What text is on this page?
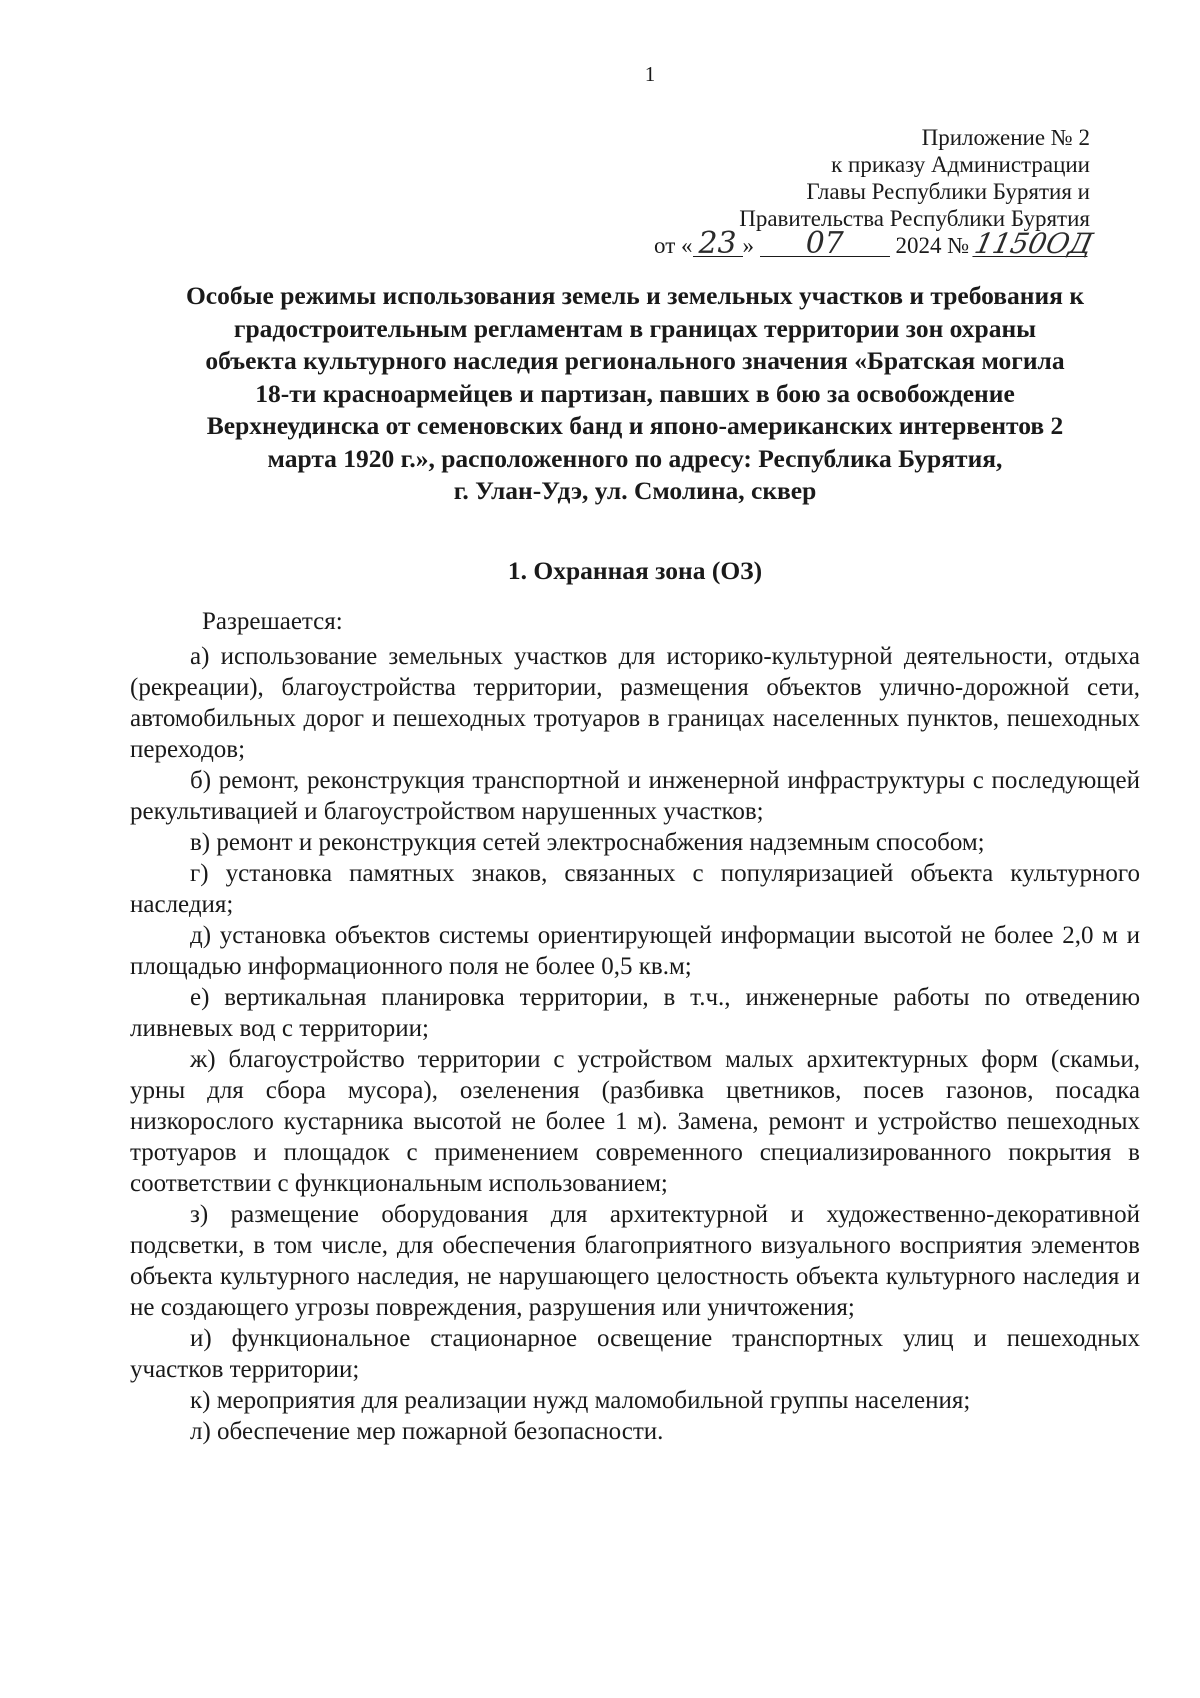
1
Приложение № 2
к приказу Администрации
Главы Республики Бурятия и
Правительства Республики Бурятия
от « 23 » 07 2024 № 1150ОД
Особые режимы использования земель и земельных участков и требования к
градостроительным регламентам в границах территории зон охраны
объекта культурного наследия регионального значения «Братская могила
18-ти красноармейцев и партизан, павших в бою за освобождение
Верхнеудинска от семеновских банд и японо-американских интервентов 2
марта 1920 г.», расположенного по адресу: Республика Бурятия,
г. Улан-Удэ, ул. Смолина, сквер
1. Охранная зона (ОЗ)
Разрешается:

а) использование земельных участков для историко-культурной деятельности, отдыха (рекреации), благоустройства территории, размещения объектов улично-дорожной сети, автомобильных дорог и пешеходных тротуаров в границах населенных пунктов, пешеходных переходов;

б) ремонт, реконструкция транспортной и инженерной инфраструктуры с последующей рекультивацией и благоустройством нарушенных участков;

в) ремонт и реконструкция сетей электроснабжения надземным способом;

г) установка памятных знаков, связанных с популяризацией объекта культурного наследия;

д) установка объектов системы ориентирующей информации высотой не более 2,0 м и площадью информационного поля не более 0,5 кв.м;

е) вертикальная планировка территории, в т.ч., инженерные работы по отведению ливневых вод с территории;

ж) благоустройство территории с устройством малых архитектурных форм (скамьи, урны для сбора мусора), озеленения (разбивка цветников, посев газонов, посадка низкорослого кустарника высотой не более 1 м). Замена, ремонт и устройство пешеходных тротуаров и площадок с применением современного специализированного покрытия в соответствии с функциональным использованием;

з) размещение оборудования для архитектурной и художественно-декоративной подсветки, в том числе, для обеспечения благоприятного визуального восприятия элементов объекта культурного наследия, не нарушающего целостность объекта культурного наследия и не создающего угрозы повреждения, разрушения или уничтожения;

и) функциональное стационарное освещение транспортных улиц и пешеходных участков территории;

к) мероприятия для реализации нужд маломобильной группы населения;

л) обеспечение мер пожарной безопасности.
